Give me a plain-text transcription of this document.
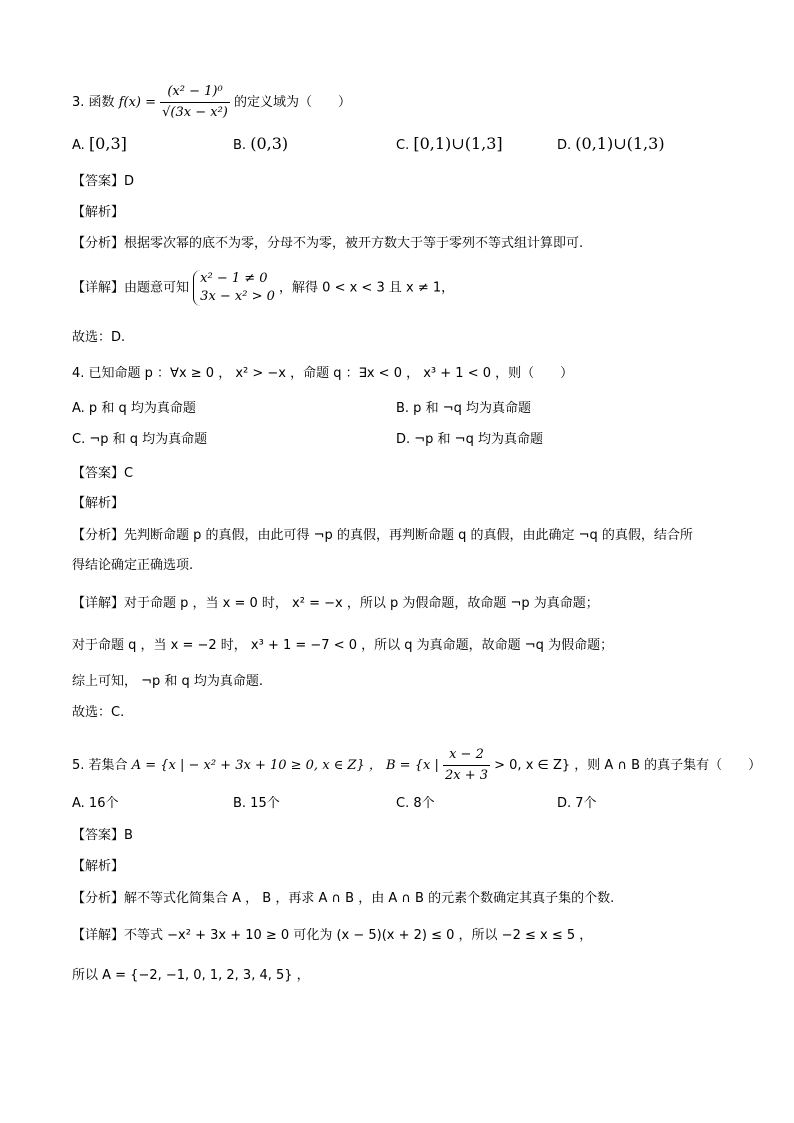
3. 函数 $f(x) = \frac{\text{(x² − 1)⁰}}{\text{√(3x − x²)}}$ 的定义域为（　　）
A. [0,3]	B. (0,3)	C. [0,1)∪(1,3]	D. (0,1)∪(1,3)
【答案】D
【解析】
【分析】根据零次幂的底不为零，分母不为零，被开方数大于等于零列不等式组计算即可.
【详解】由题意可知
x² − 1 ≠ 0
3x − x² > 0
，解得 0 < x < 3 且 x ≠ 1，
故选：D.
4. 已知命题 p ：∀x ≥ 0 ， x² > −x ，命题 q ：∃x < 0 ， x³ + 1 < 0 ，则（　　）
A. p 和 q 均为真命题	B. p 和 ¬q 均为真命题
C. ¬p 和 q 均为真命题	D. ¬p 和 ¬q 均为真命题
【答案】C
【解析】
【分析】先判断命题 p 的真假，由此可得 ¬p 的真假，再判断命题 q 的真假，由此确定 ¬q 的真假，结合所
得结论确定正确选项.
【详解】对于命题 p ，当 x = 0 时， x² = −x ，所以 p 为假命题，故命题 ¬p 为真命题；
对于命题 q ，当 x = −2 时， x³ + 1 = −7 < 0 ，所以 q 为真命题，故命题 ¬q 为假命题；
综上可知， ¬p 和 q 均为真命题.
故选：C.
5. 若集合 A = {x | − x² + 3x + 10 ≥ 0, x ∈ Z} ， B = {x | $\frac{x - 2}{2x + 3} > 0$, x ∈ Z} ，则 A ∩ B 的真子集有（　　）
A. 16个	B. 15个	C. 8个	D. 7个
【答案】B
【解析】
【分析】解不等式化简集合 A ， B ，再求 A ∩ B ，由 A ∩ B 的元素个数确定其真子集的个数.
【详解】不等式 −x² + 3x + 10 ≥ 0 可化为 (x − 5)(x + 2) ≤ 0 ，所以 −2 ≤ x ≤ 5 ，
所以 A = {−2, −1, 0, 1, 2, 3, 4, 5} ，
